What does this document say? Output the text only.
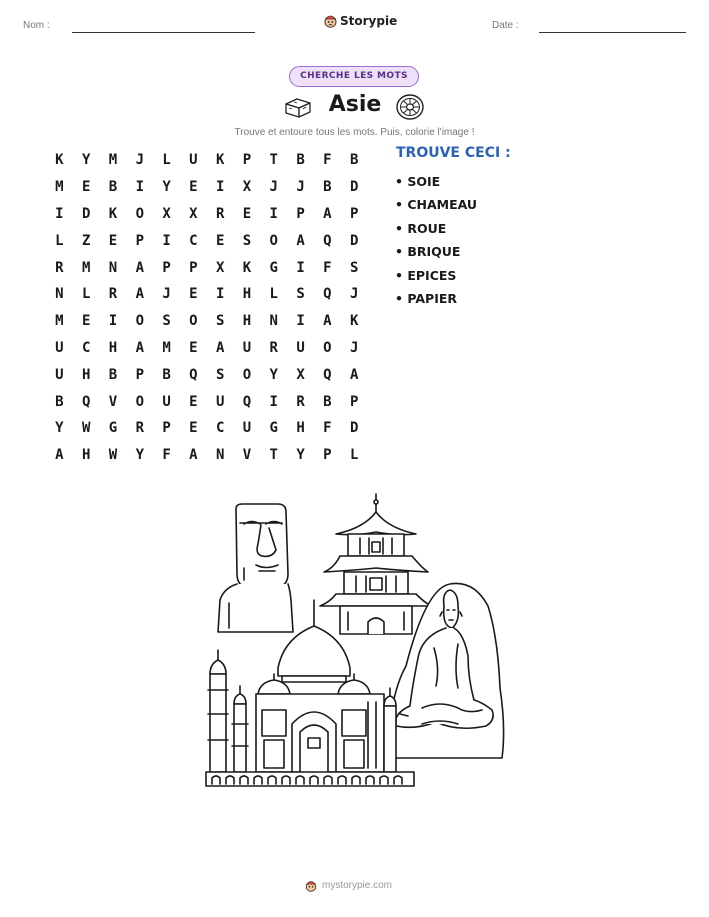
Nom :	Storypie	Date :
CHERCHE LES MOTS
Asie
Trouve et entoure tous les mots. Puis, colorie l'image !
K	Y	M	J	L	U	K	P	T	B	F	B
M	E	B	I	Y	E	I	X	J	J	B	D
I	D	K	O	X	X	R	E	I	P	A	P
L	Z	E	P	I	C	E	S	O	A	Q	D
R	M	N	A	P	P	X	K	G	I	F	S
N	L	R	A	J	E	I	H	L	S	Q	J
M	E	I	O	S	O	S	H	N	I	A	K
U	C	H	A	M	E	A	U	R	U	O	J
U	H	B	P	B	Q	S	O	Y	X	Q	A
B	Q	V	O	U	E	U	Q	I	R	B	P
Y	W	G	R	P	E	C	U	G	H	F	D
A	H	W	Y	F	A	N	V	T	Y	P	L
TROUVE CECI :
• SOIE
• CHAMEAU
• ROUE
• BRIQUE
• EPICES
• PAPIER
mystorypie.com
